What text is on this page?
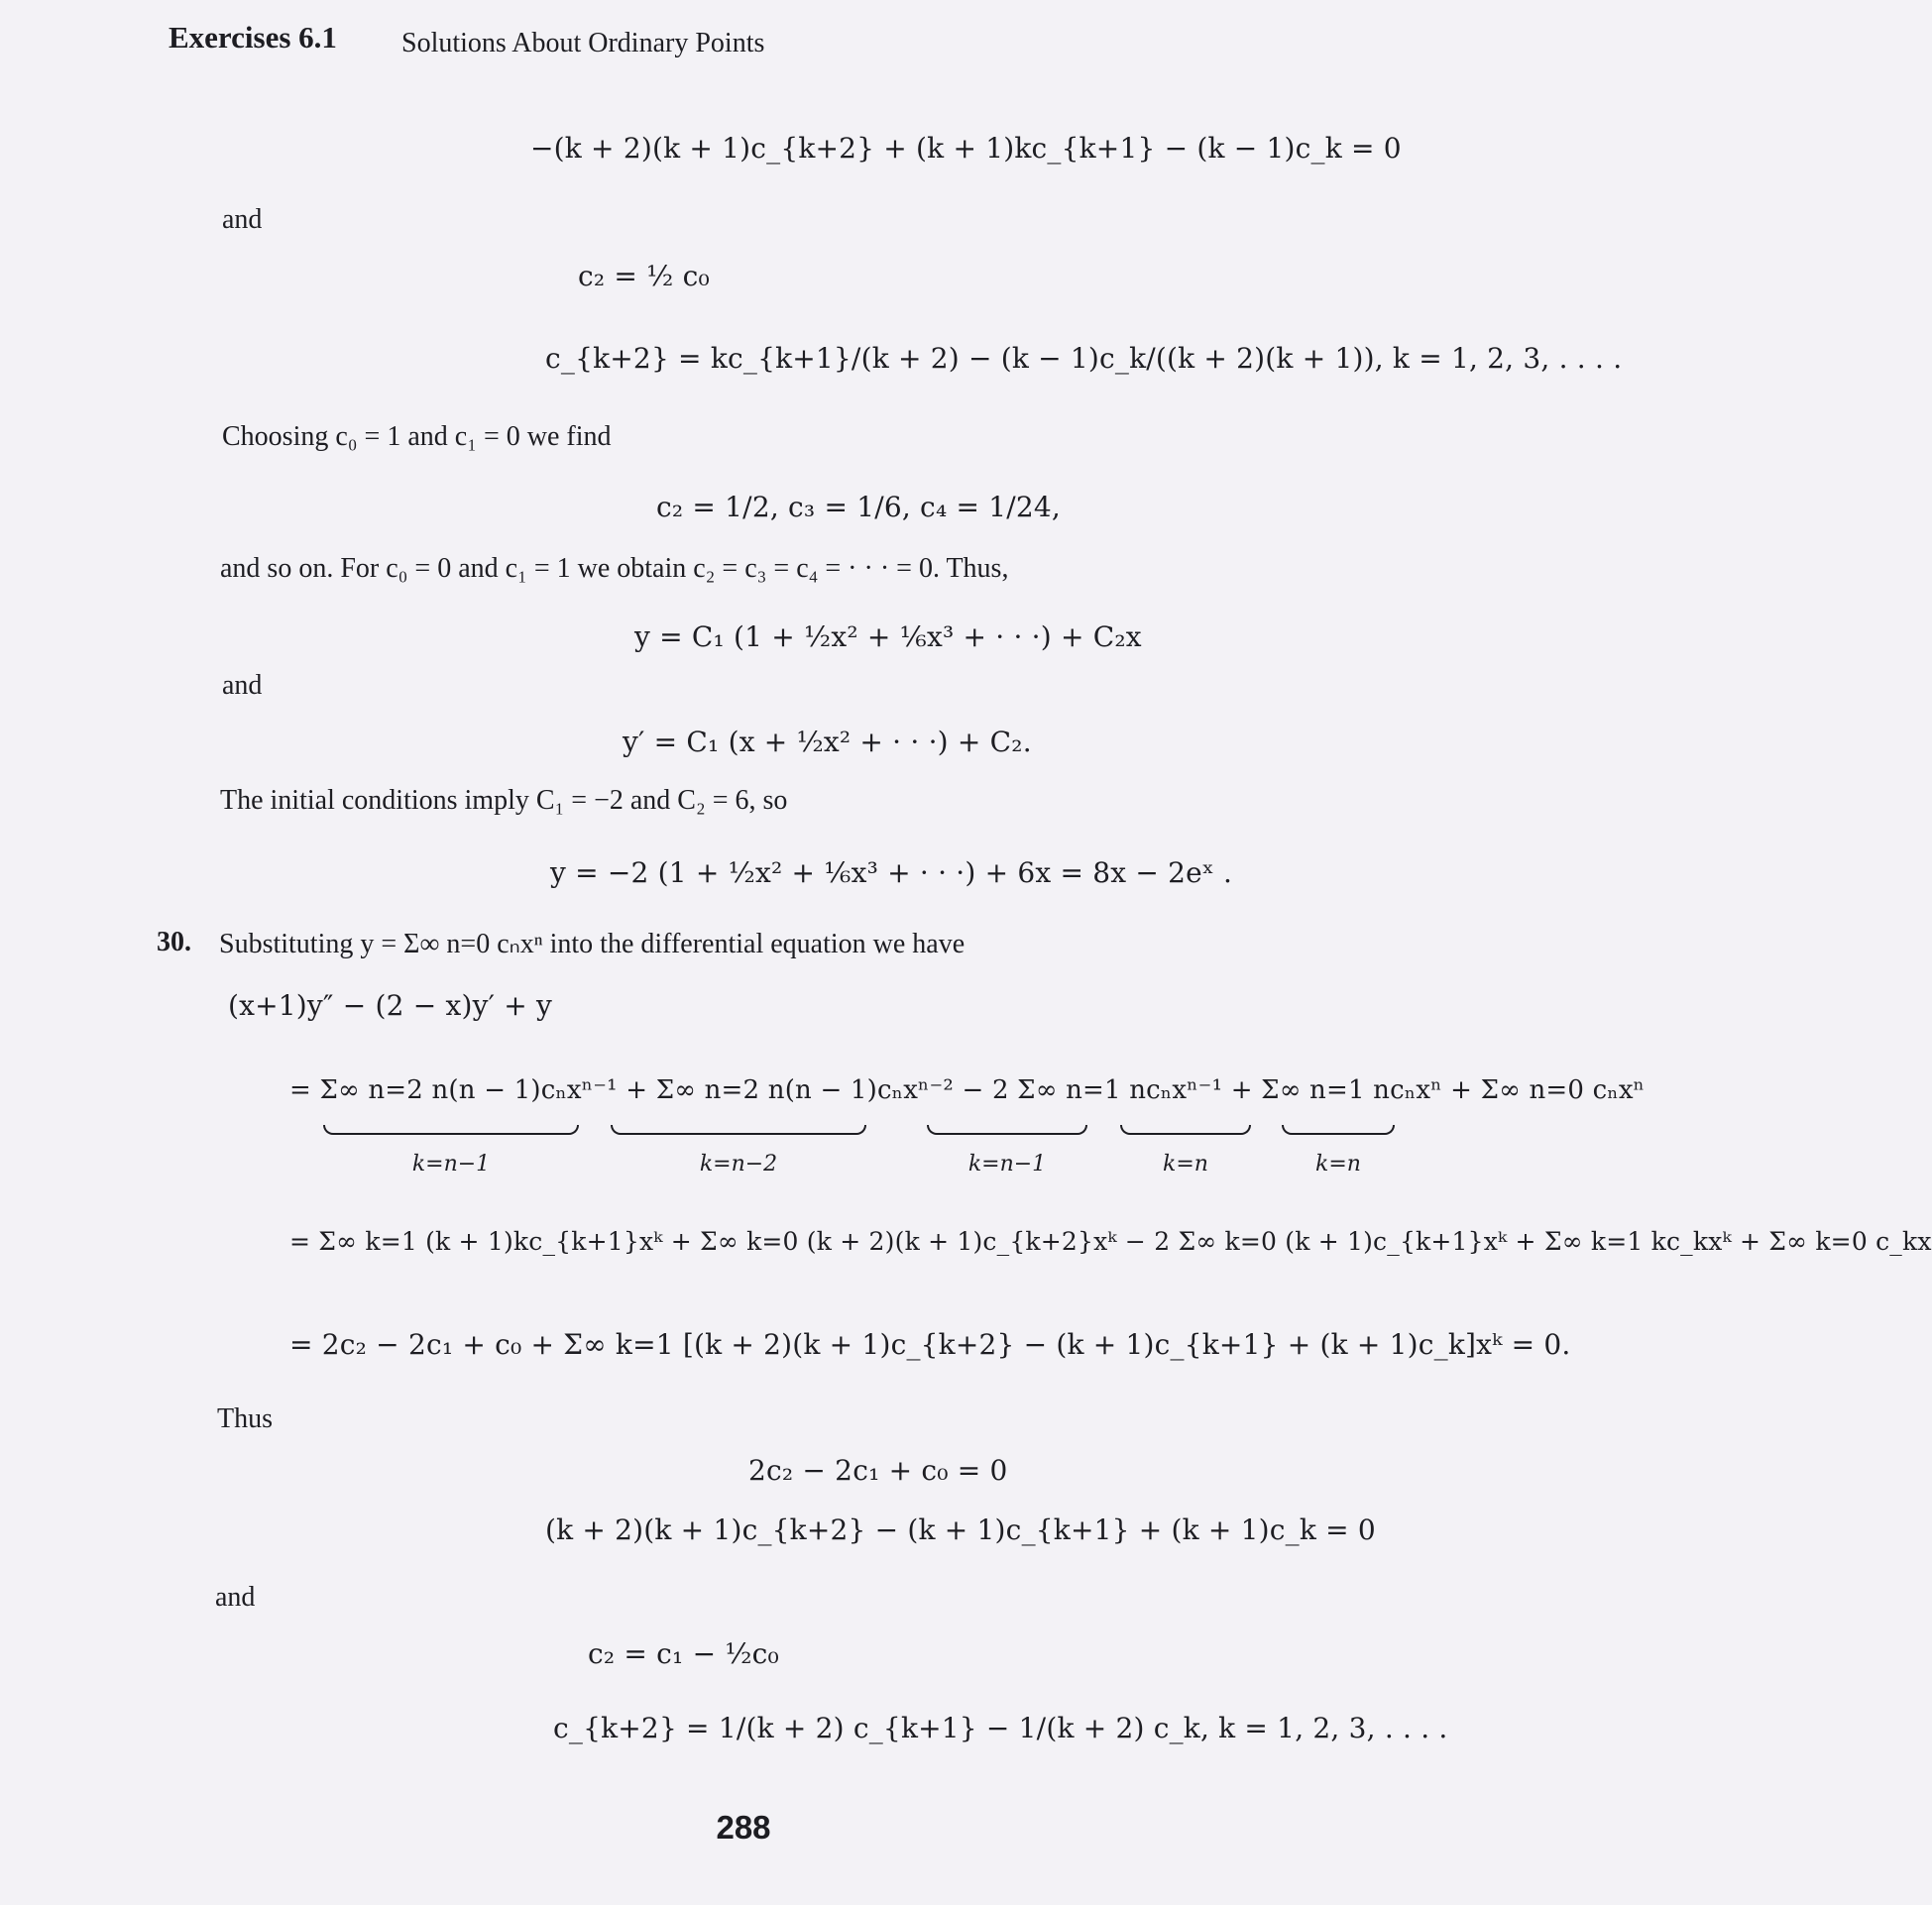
Exercises 6.1 Solutions About Ordinary Points
−(k + 2)(k + 1)c_{k+2} + (k + 1)kc_{k+1} − (k − 1)c_k = 0
and
c₂ = ½ c₀
c_{k+2} = kc_{k+1}/(k + 2) − (k − 1)c_k/((k + 2)(k + 1)), k = 1, 2, 3, . . . .
Choosing c₀ = 1 and c₁ = 0 we find
c₂ = 1/2, c₃ = 1/6, c₄ = 1/24,
and so on. For c₀ = 0 and c₁ = 1 we obtain c₂ = c₃ = c₄ = · · · = 0. Thus,
y = C₁ (1 + ½x² + ⅙x³ + · · ·) + C₂x
and
y′ = C₁ (x + ½x² + · · ·) + C₂.
The initial conditions imply C₁ = −2 and C₂ = 6, so
y = −2 (1 + ½x² + ⅙x³ + · · ·) + 6x = 8x − 2eˣ .
30. Substituting y = Σ∞ n=0 cₙxⁿ into the differential equation we have
(x+1)y″ − (2 − x)y′ + y
= Σ∞ n=2 n(n − 1)cₙxⁿ⁻¹ + Σ∞ n=2 n(n − 1)cₙxⁿ⁻² − 2 Σ∞ n=1 ncₙxⁿ⁻¹ + Σ∞ n=1 ncₙxⁿ + Σ∞ n=0 cₙxⁿ
k=n−1	k=n−2	k=n−1	k=n	k=n
= Σ∞ k=1 (k + 1)kc_{k+1}xᵏ + Σ∞ k=0 (k + 2)(k + 1)c_{k+2}xᵏ − 2 Σ∞ k=0 (k + 1)c_{k+1}xᵏ + Σ∞ k=1 kc_kxᵏ + Σ∞ k=0 c_kx
= 2c₂ − 2c₁ + c₀ + Σ∞ k=1 [(k + 2)(k + 1)c_{k+2} − (k + 1)c_{k+1} + (k + 1)c_k]xᵏ = 0.
Thus
2c₂ − 2c₁ + c₀ = 0
(k + 2)(k + 1)c_{k+2} − (k + 1)c_{k+1} + (k + 1)c_k = 0
and
c₂ = c₁ − ½c₀
c_{k+2} = 1/(k + 2) c_{k+1} − 1/(k + 2) c_k, k = 1, 2, 3, . . . .
288
